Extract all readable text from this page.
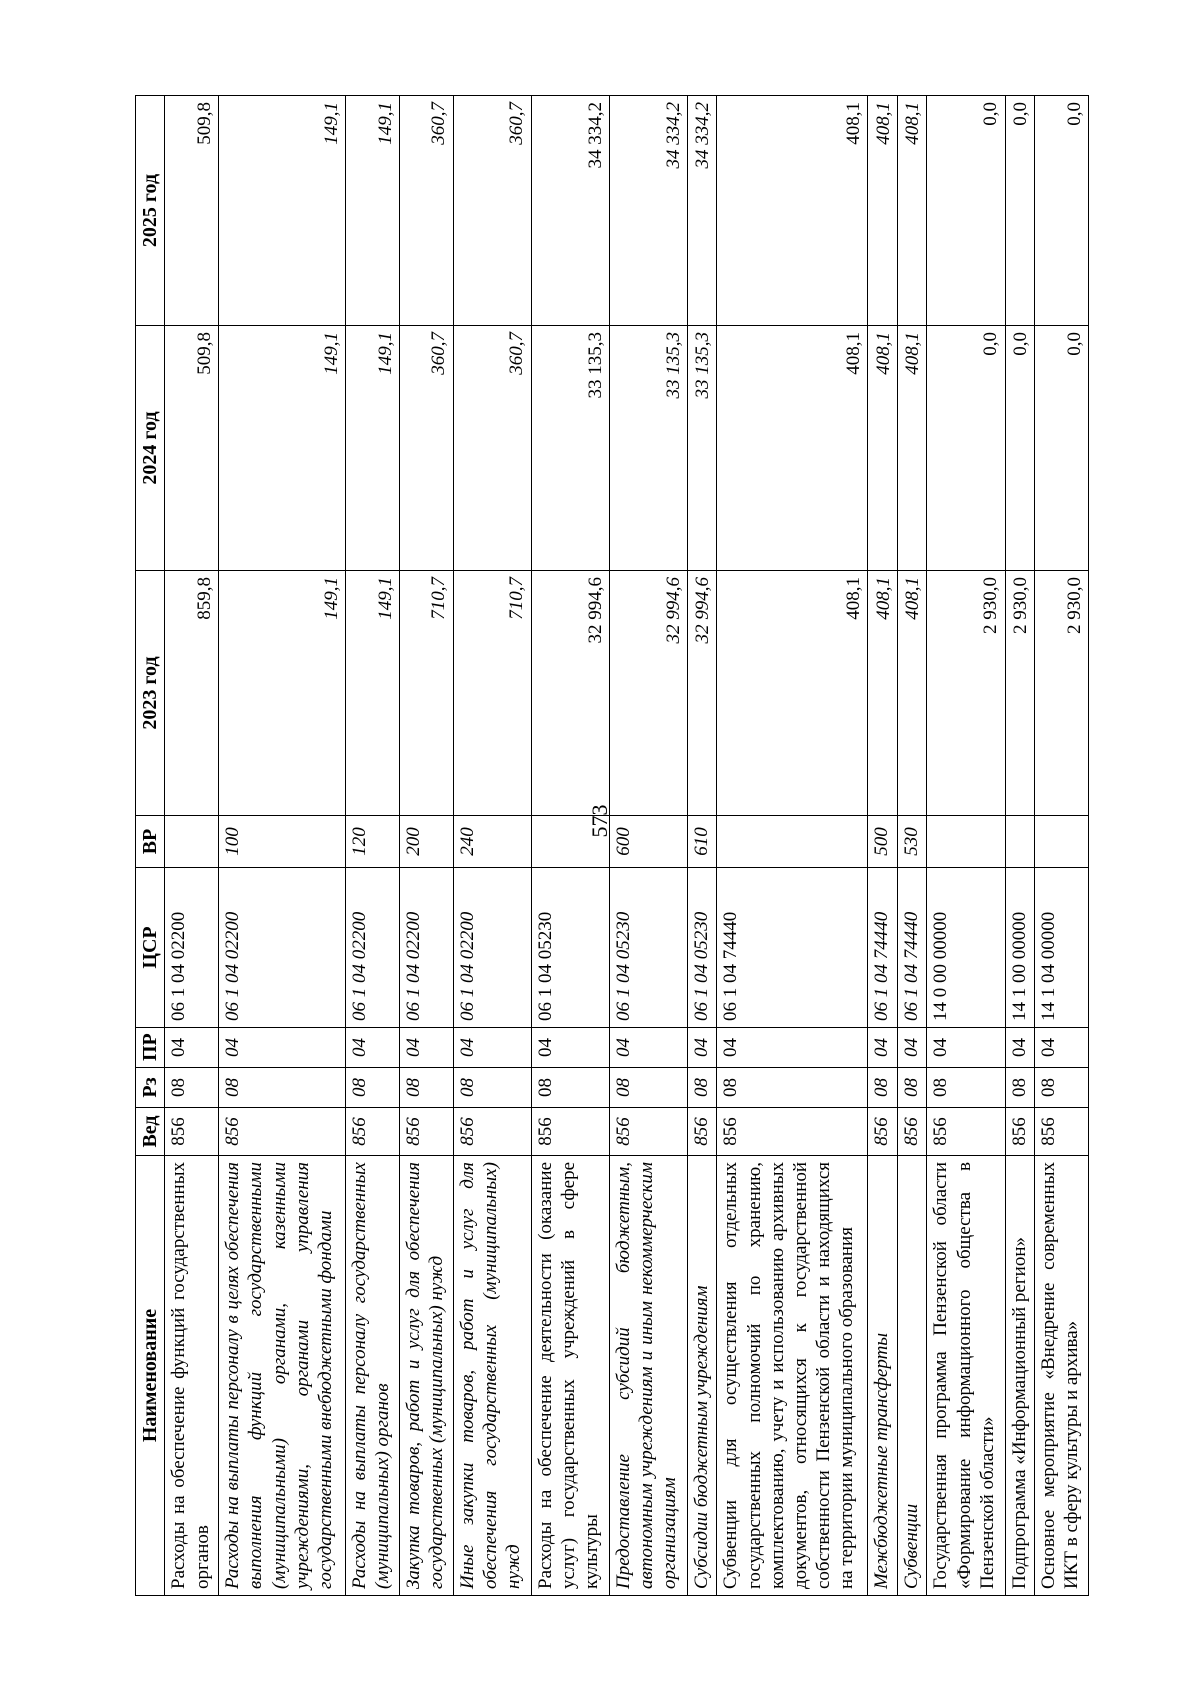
573
Наименование	Вед	Рз	ПР	ЦСР	ВР	2023 год	2024 год	2025 год
Расходы на обеспечение функций государственных органов	856	08	04	06 1 04 02200		859,8	509,8	509,8
Расходы на выплаты персоналу в целях обеспечения выполнения функций государственными (муниципальными) органами, казенными учреждениями, органами управления государственными внебюджетными фондами	856	08	04	06 1 04 02200	100	149,1	149,1	149,1
Расходы на выплаты персоналу государственных (муниципальных) органов	856	08	04	06 1 04 02200	120	149,1	149,1	149,1
Закупка товаров, работ и услуг для обеспечения государственных (муниципальных) нужд	856	08	04	06 1 04 02200	200	710,7	360,7	360,7
Иные закупки товаров, работ и услуг для обеспечения государственных (муниципальных) нужд	856	08	04	06 1 04 02200	240	710,7	360,7	360,7
Расходы на обеспечение деятельности (оказание услуг) государственных учреждений в сфере культуры	856	08	04	06 1 04 05230		32 994,6	33 135,3	34 334,2
Предоставление субсидий бюджетным, автономным учреждениям и иным некоммерческим организациям	856	08	04	06 1 04 05230	600	32 994,6	33 135,3	34 334,2
Субсидии бюджетным учреждениям	856	08	04	06 1 04 05230	610	32 994,6	33 135,3	34 334,2
Субвенции для осуществления отдельных государственных полномочий по хранению, комплектованию, учету и использованию архивных документов, относящихся к государственной собственности Пензенской области и находящихся на территории муниципального образования	856	08	04	06 1 04 74440		408,1	408,1	408,1
Межбюджетные трансферты	856	08	04	06 1 04 74440	500	408,1	408,1	408,1
Субвенции	856	08	04	06 1 04 74440	530	408,1	408,1	408,1
Государственная программа Пензенской области «Формирование информационного общества в Пензенской области»	856	08	04	14 0 00 00000		2 930,0	0,0	0,0
Подпрограмма «Информационный регион»	856	08	04	14 1 00 00000		2 930,0	0,0	0,0
Основное мероприятие «Внедрение современных ИКТ в сферу культуры и архива»	856	08	04	14 1 04 00000		2 930,0	0,0	0,0
